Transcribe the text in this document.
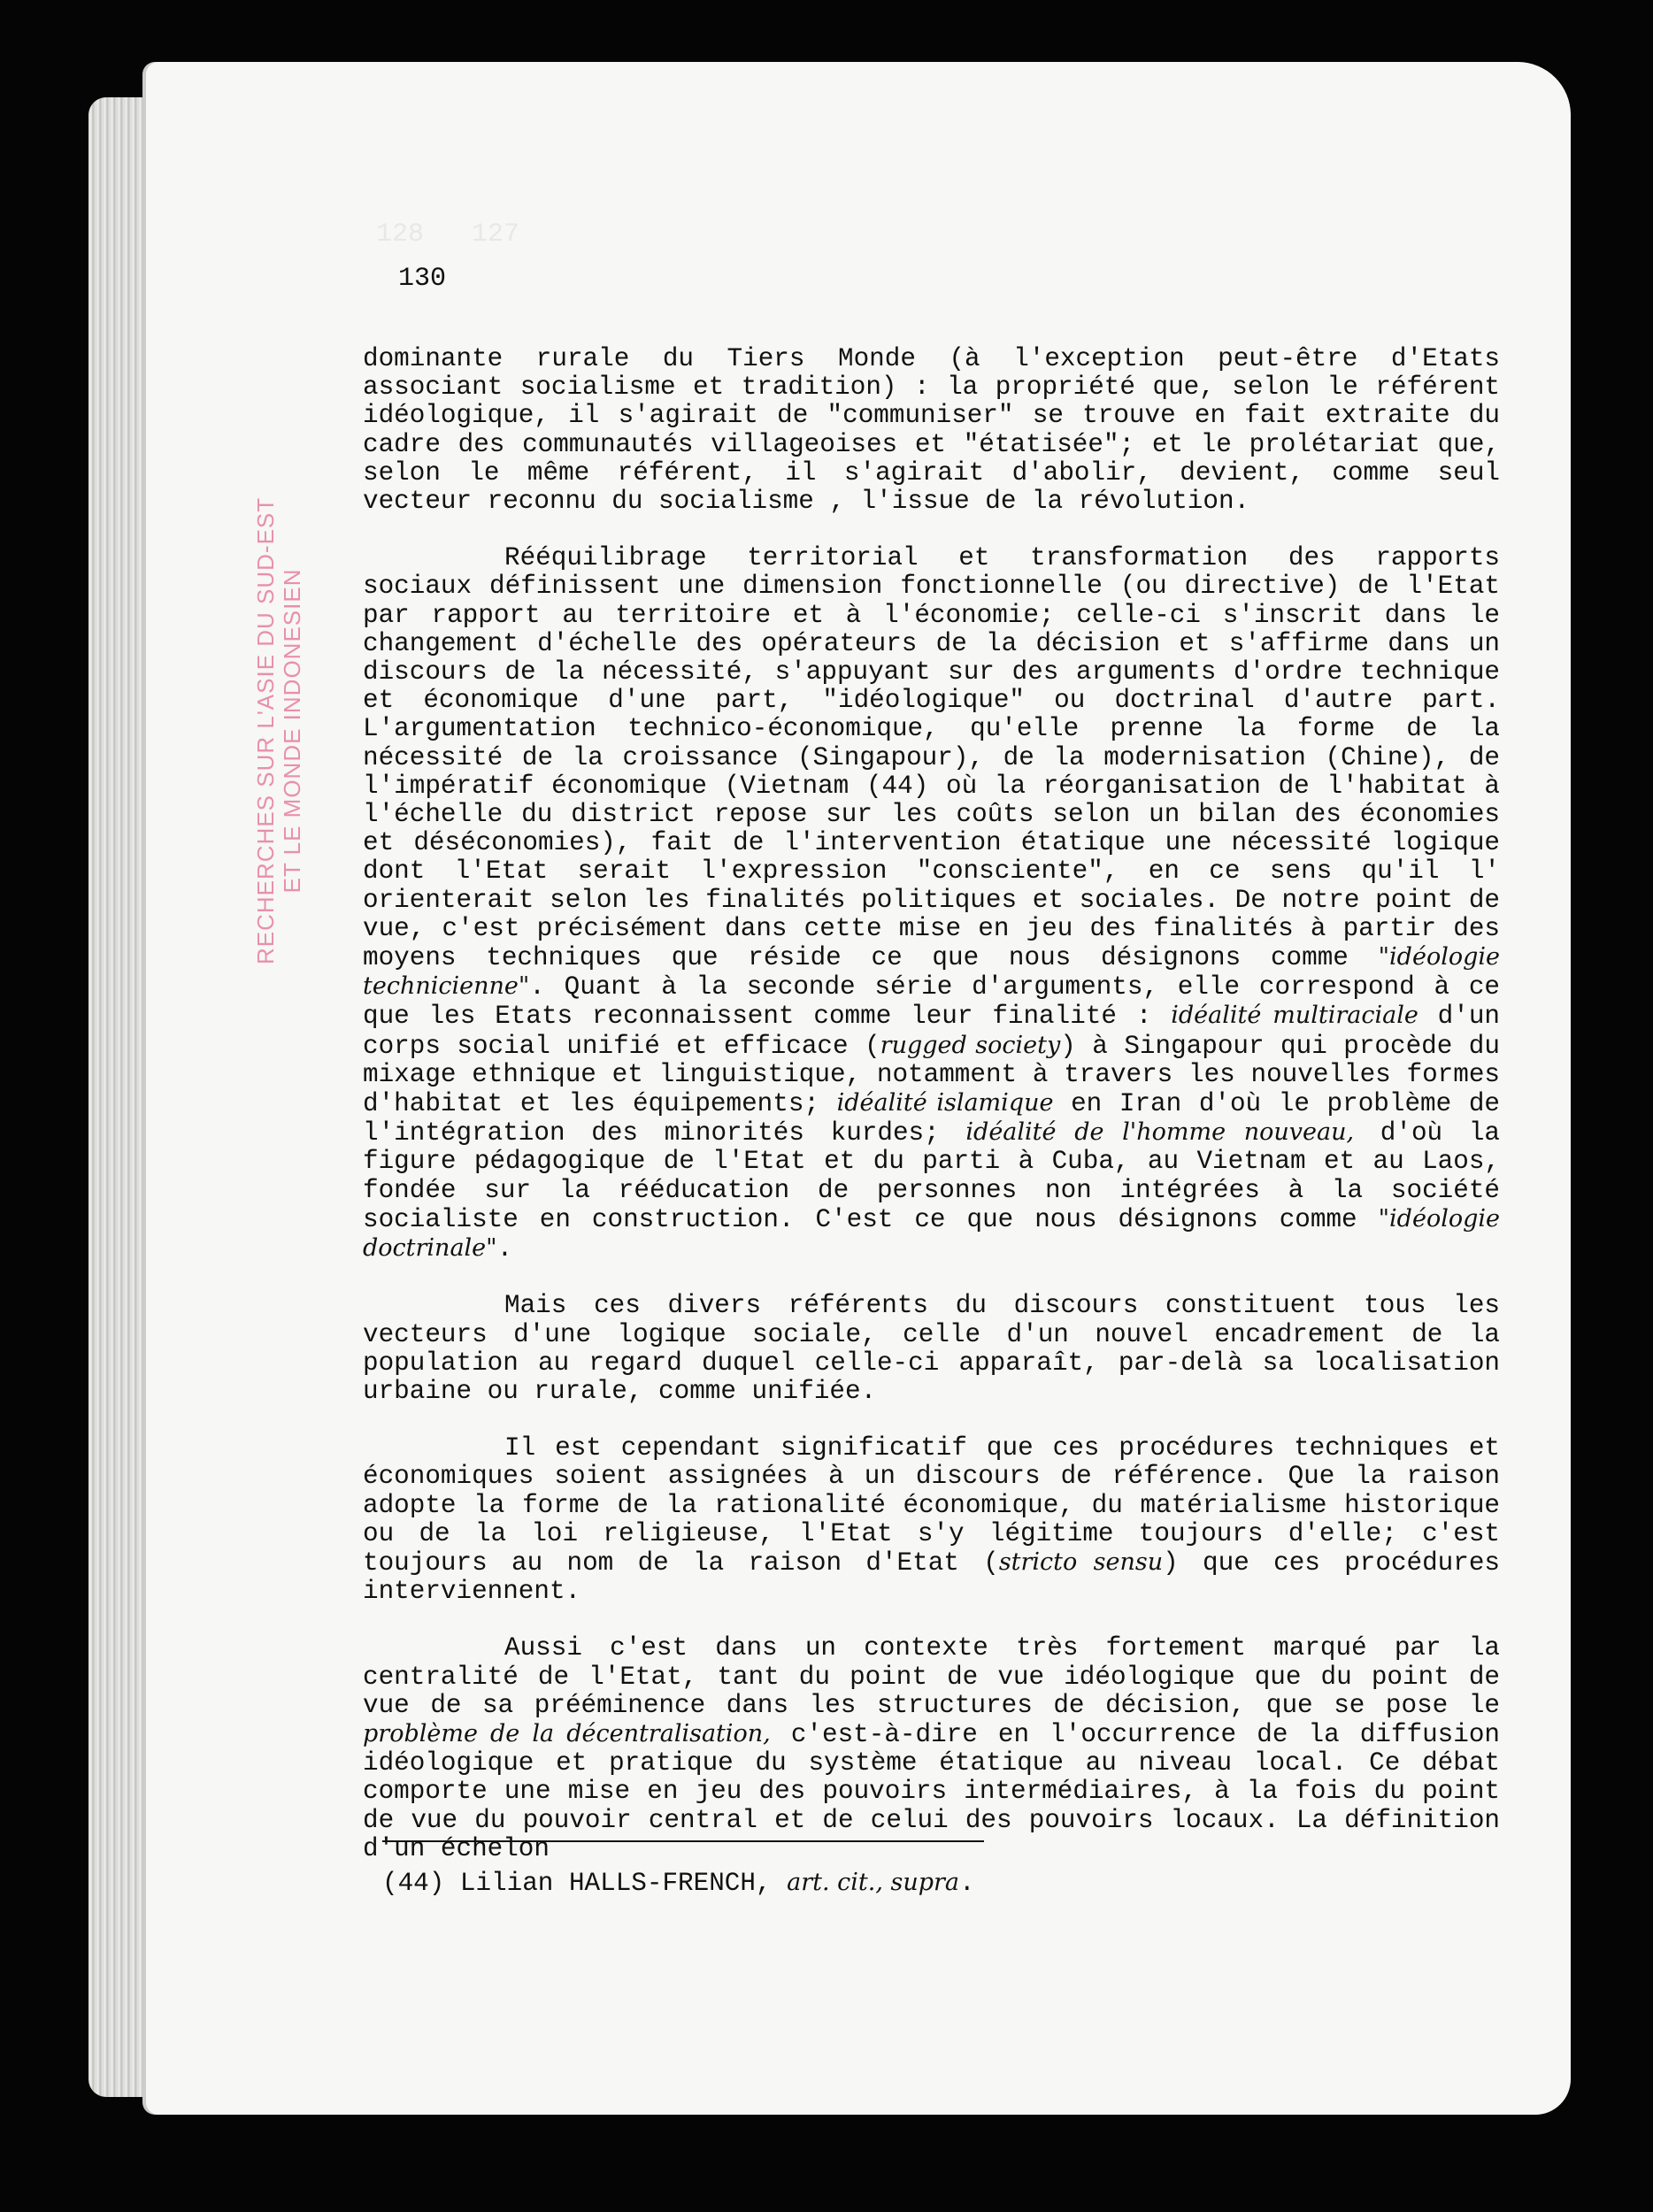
128   127
RECHERCHES SUR L'ASIE DU SUD-EST ET LE MONDE INDONESIEN
130

dominante rurale du Tiers Monde (à l'exception peut-être d'Etats associant socialisme et tradition) : la propriété que, selon le référent idéologique, il s'agirait de "communiser" se trouve en fait extraite du cadre des communautés villageoises et "étatisée"; et le prolétariat que, selon le même référent, il s'agirait d'abolir, devient, comme seul vecteur reconnu du socialisme , l'issue de la révolution.

Rééquilibrage territorial et transformation des rapports sociaux définissent une dimension fonctionnelle (ou directive) de l'Etat par rapport au territoire et à l'économie; celle-ci s'inscrit dans le changement d'échelle des opérateurs de la décision et s'affirme dans un discours de la nécessité, s'appuyant sur des arguments d'ordre technique et économique d'une part, "idéologique" ou doctrinal d'autre part. L'argumentation technico-économique, qu'elle prenne la forme de la nécessité de la croissance (Singapour), de la modernisation (Chine), de l'impératif économique (Vietnam (44) où la réorganisation de l'habitat à l'échelle du district repose sur les coûts selon un bilan des économies et déséconomies), fait de l'intervention étatique une nécessité logique dont l'Etat serait l'expression "consciente", en ce sens qu'il l' orienterait selon les finalités politiques et sociales. De notre point de vue, c'est précisément dans cette mise en jeu des finalités à partir des moyens techniques que réside ce que nous désignons comme "idéologie technicienne". Quant à la seconde série d'arguments, elle correspond à ce que les Etats reconnaissent comme leur finalité : idéalité multiraciale d'un corps social unifié et efficace (rugged society) à Singapour qui procède du mixage ethnique et linguistique, notamment à travers les nouvelles formes d'habitat et les équipements; idéalité islamique en Iran d'où le problème de l'intégration des minorités kurdes; idéalité de l'homme nouveau, d'où la figure pédagogique de l'Etat et du parti à Cuba, au Vietnam et au Laos, fondée sur la rééducation de personnes non intégrées à la société socialiste en construction. C'est ce que nous désignons comme "idéologie doctrinale".

Mais ces divers référents du discours constituent tous les vecteurs d'une logique sociale, celle d'un nouvel encadrement de la population au regard duquel celle-ci apparaît, par-delà sa localisation urbaine ou rurale, comme unifiée.

Il est cependant significatif que ces procédures techniques et économiques soient assignées à un discours de référence. Que la raison adopte la forme de la rationalité économique, du matérialisme historique ou de la loi religieuse, l'Etat s'y légitime toujours d'elle; c'est toujours au nom de la raison d'Etat (stricto sensu) que ces procédures interviennent.

Aussi c'est dans un contexte très fortement marqué par la centralité de l'Etat, tant du point de vue idéologique que du point de vue de sa prééminence dans les structures de décision, que se pose le problème de la décentralisation, c'est-à-dire en l'occurrence de la diffusion idéologique et pratique du système étatique au niveau local. Ce débat comporte une mise en jeu des pouvoirs intermédiaires, à la fois du point de vue du pouvoir central et de celui des pouvoirs locaux. La définition d'un échelon

(44) Lilian HALLS-FRENCH, art. cit., supra.
